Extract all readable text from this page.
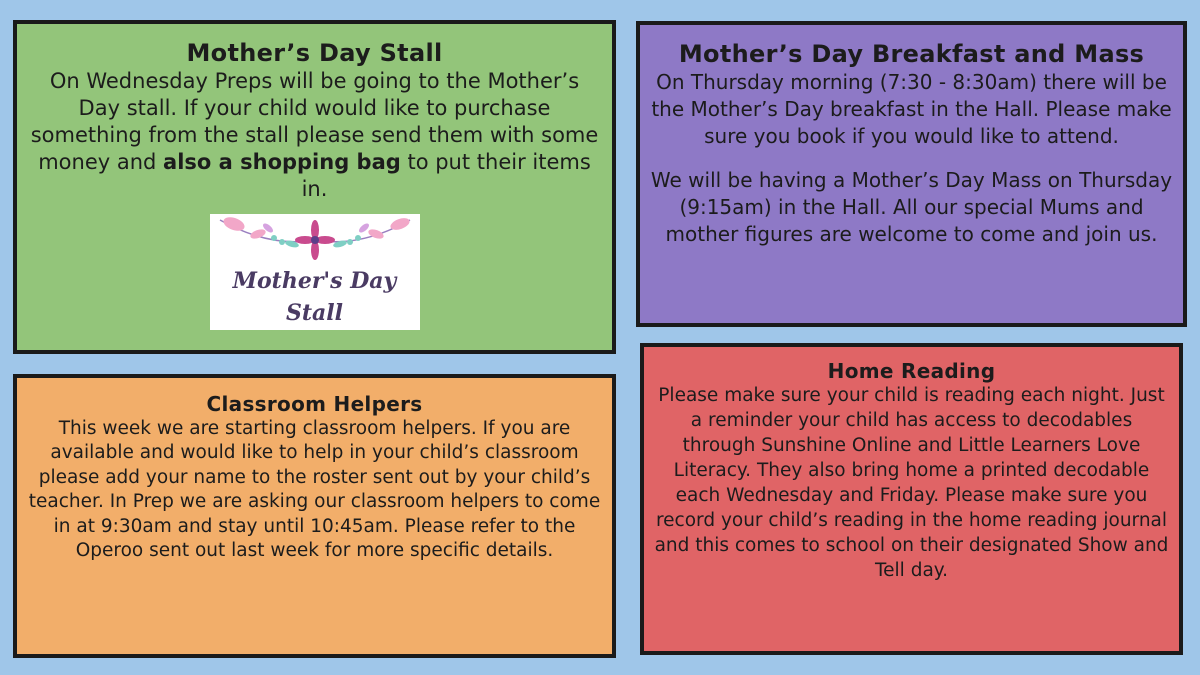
Mother’s Day Stall

On Wednesday Preps will be going to the Mother’s Day stall. If your child would like to purchase something from the stall please send them with some money and also a shopping bag to put their items in.

Mother's Day
Stall
Mother’s Day Breakfast and Mass

On Thursday morning (7:30 - 8:30am) there will be the Mother’s Day breakfast in the Hall. Please make sure you book if you would like to attend.

We will be having a Mother’s Day Mass on Thursday (9:15am) in the Hall. All our special Mums and mother figures are welcome to come and join us.

Classroom Helpers

This week we are starting classroom helpers. If you are available and would like to help in your child’s classroom please add your name to the roster sent out by your child’s teacher. In Prep we are asking our classroom helpers to come in at 9:30am and stay until 10:45am. Please refer to the Operoo sent out last week for more specific details.

Home Reading

Please make sure your child is reading each night. Just a reminder your child has access to decodables through Sunshine Online and Little Learners Love Literacy. They also bring home a printed decodable each Wednesday and Friday. Please make sure you record your child’s reading in the home reading journal and this comes to school on their designated Show and Tell day.
